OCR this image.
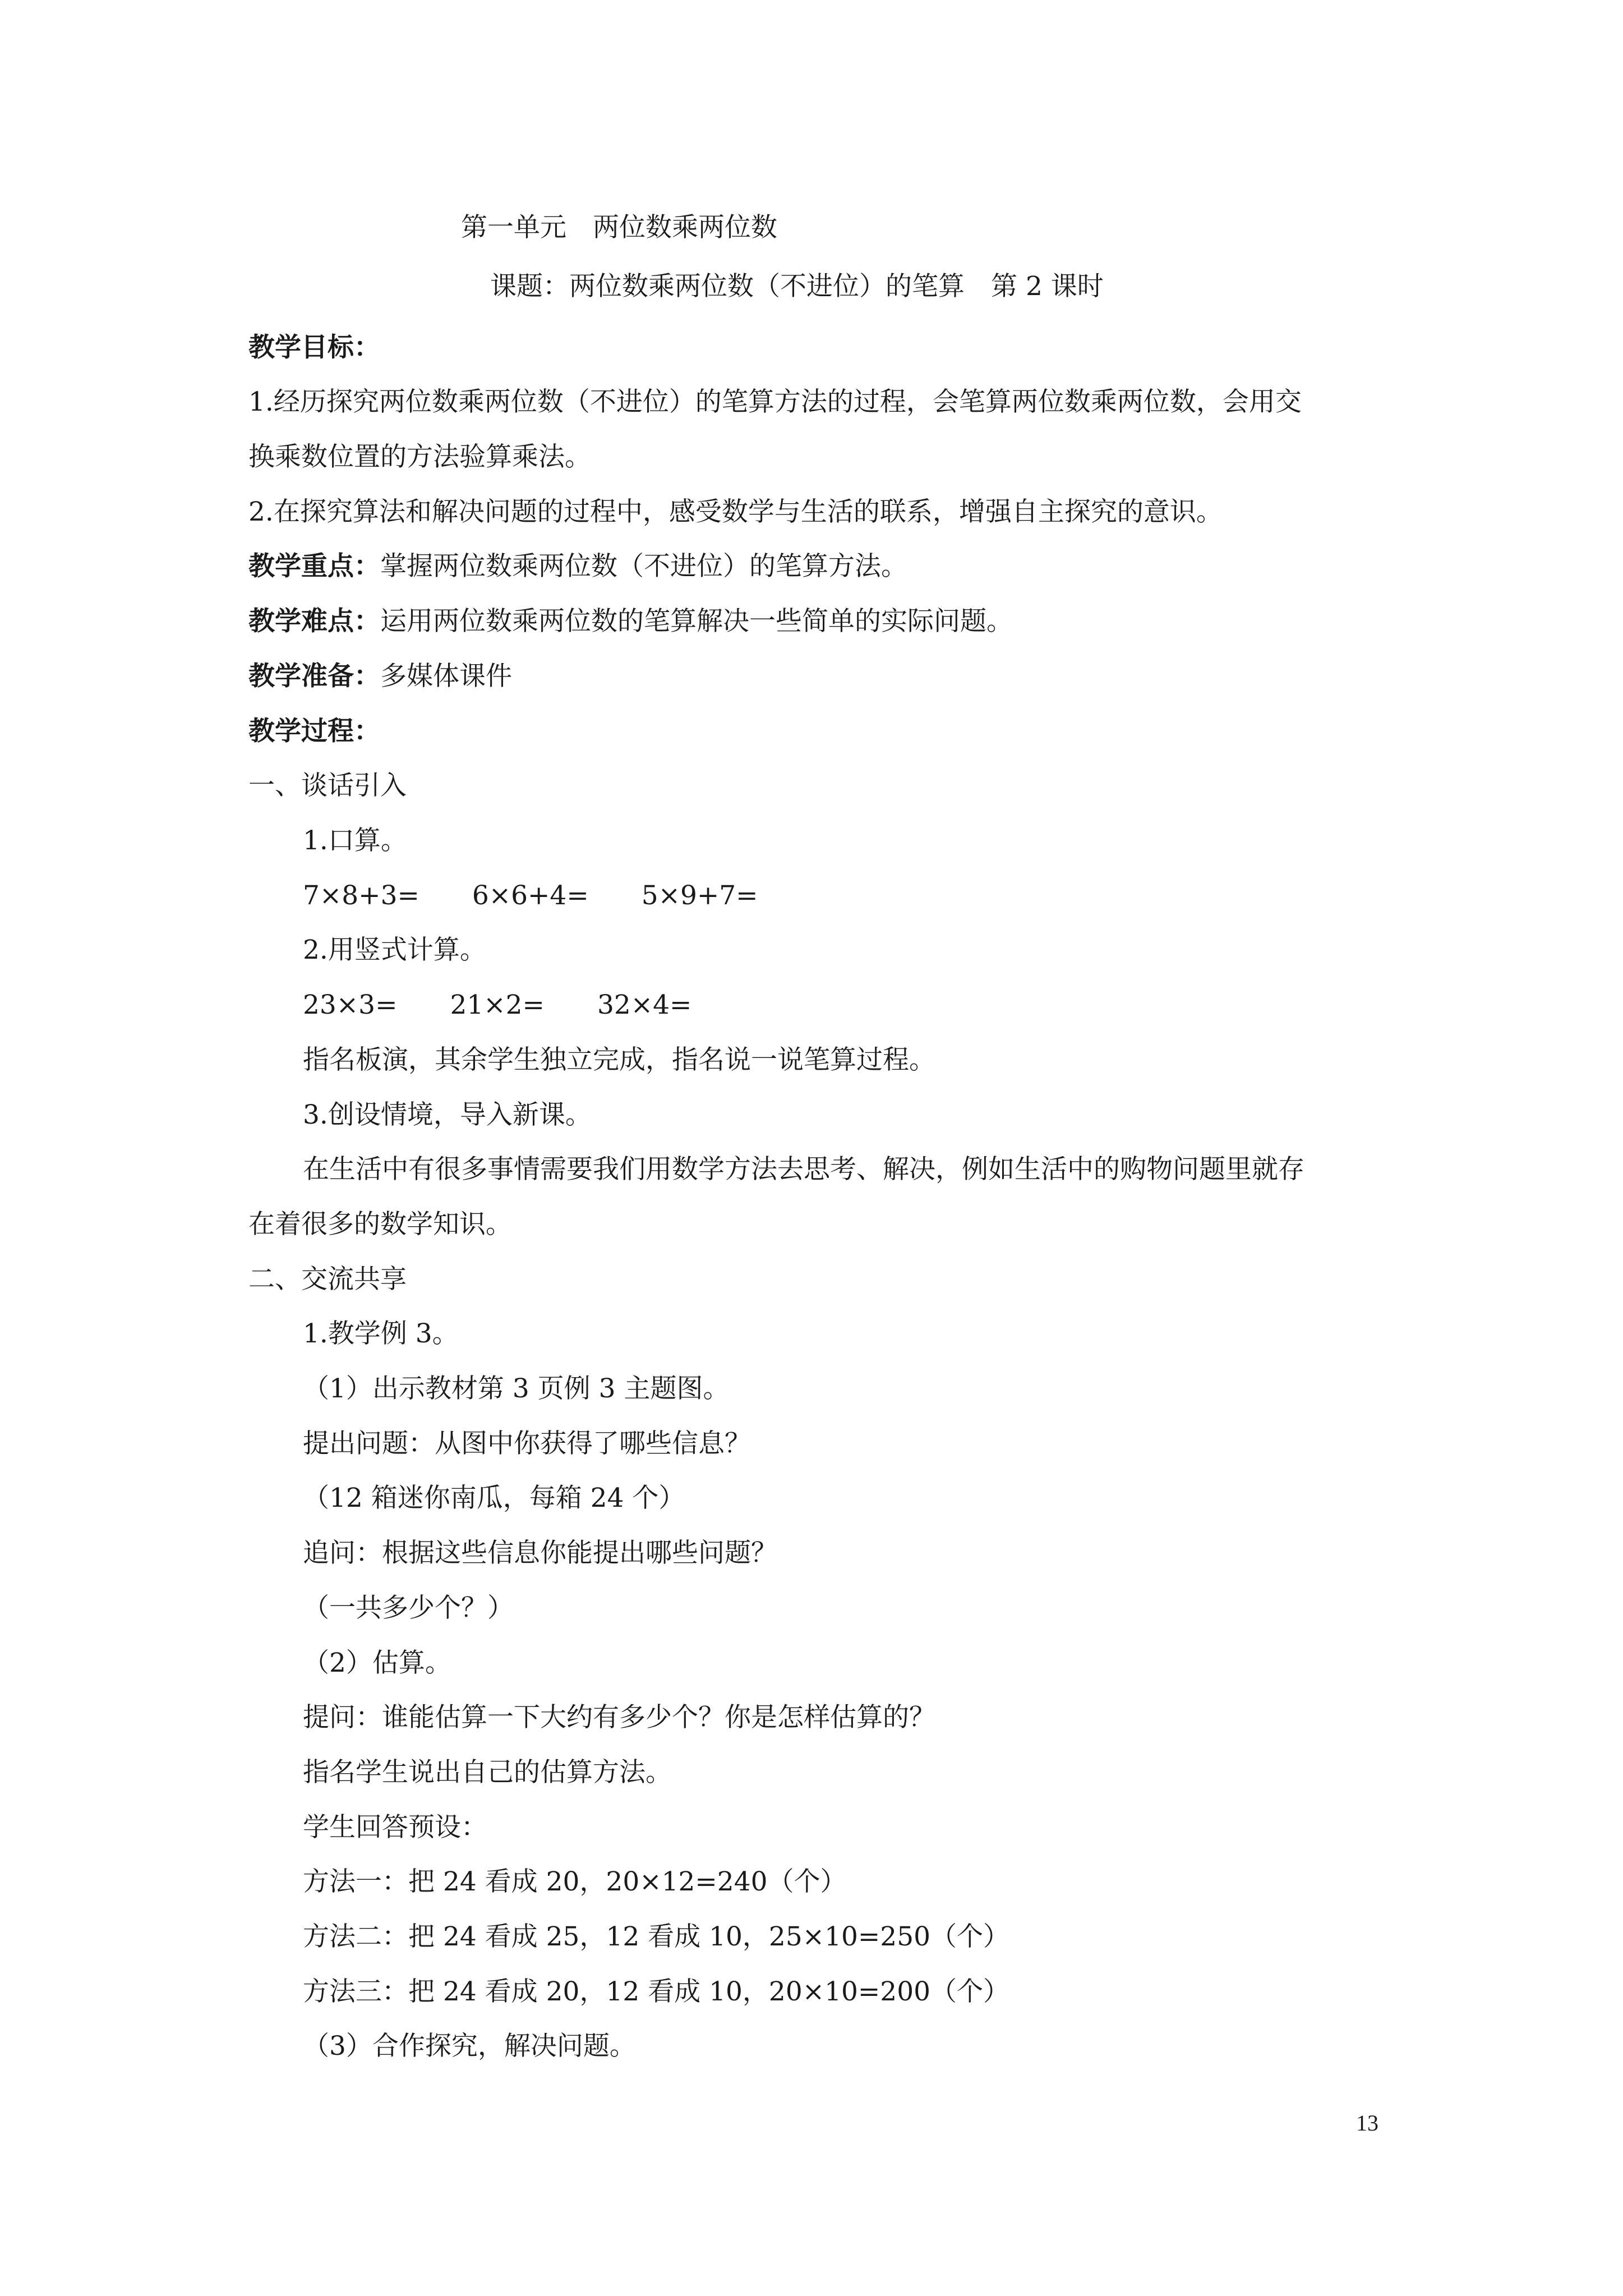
第一单元　两位数乘两位数
课题：两位数乘两位数（不进位）的笔算　第 2 课时
教学目标：
1.经历探究两位数乘两位数（不进位）的笔算方法的过程，会笔算两位数乘两位数，会用交
换乘数位置的方法验算乘法。
2.在探究算法和解决问题的过程中，感受数学与生活的联系，增强自主探究的意识。
教学重点：掌握两位数乘两位数（不进位）的笔算方法。
教学难点：运用两位数乘两位数的笔算解决一些简单的实际问题。
教学准备：多媒体课件
教学过程：
一、谈话引入
1.口算。
7×8+3=　　6×6+4=　　5×9+7=
2.用竖式计算。
23×3=　　21×2=　　32×4=
指名板演，其余学生独立完成，指名说一说笔算过程。
3.创设情境，导入新课。
在生活中有很多事情需要我们用数学方法去思考、解决，例如生活中的购物问题里就存
在着很多的数学知识。
二、交流共享
1.教学例 3。
（1）出示教材第 3 页例 3 主题图。
提出问题：从图中你获得了哪些信息？
（12 箱迷你南瓜，每箱 24 个）
追问：根据这些信息你能提出哪些问题？
（一共多少个？）
（2）估算。
提问：谁能估算一下大约有多少个？你是怎样估算的？
指名学生说出自己的估算方法。
学生回答预设：
方法一：把 24 看成 20，20×12=240（个）
方法二：把 24 看成 25，12 看成 10，25×10=250（个）
方法三：把 24 看成 20，12 看成 10，20×10=200（个）
（3）合作探究，解决问题。
13
